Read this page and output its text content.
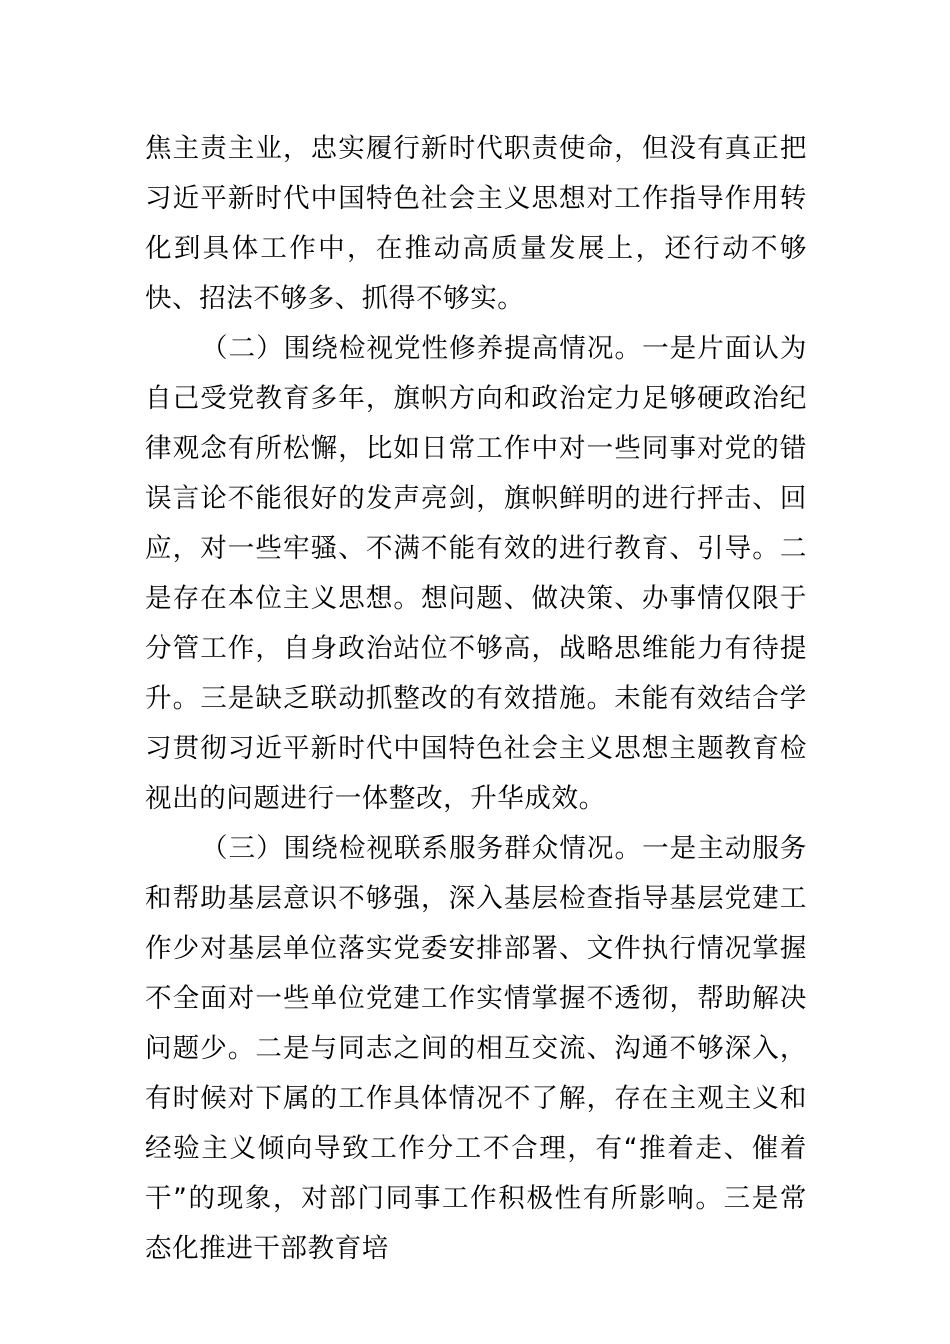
焦主责主业，忠实履行新时代职责使命，但没有真正把习近平新时代中国特色社会主义思想对工作指导作用转化到具体工作中，在推动高质量发展上，还行动不够快、招法不够多、抓得不够实。

（二）围绕检视党性修养提高情况。一是片面认为自己受党教育多年，旗帜方向和政治定力足够硬政治纪律观念有所松懈，比如日常工作中对一些同事对党的错误言论不能很好的发声亮剑，旗帜鲜明的进行抨击、回应，对一些牢骚、不满不能有效的进行教育、引导。二是存在本位主义思想。想问题、做决策、办事情仅限于分管工作，自身政治站位不够高，战略思维能力有待提升。三是缺乏联动抓整改的有效措施。未能有效结合学习贯彻习近平新时代中国特色社会主义思想主题教育检视出的问题进行一体整改，升华成效。

（三）围绕检视联系服务群众情况。一是主动服务和帮助基层意识不够强，深入基层检查指导基层党建工作少对基层单位落实党委安排部署、文件执行情况掌握不全面对一些单位党建工作实情掌握不透彻，帮助解决问题少。二是与同志之间的相互交流、沟通不够深入，有时候对下属的工作具体情况不了解，存在主观主义和经验主义倾向导致工作分工不合理，有“推着走、催着干”的现象，对部门同事工作积极性有所影响。三是常态化推进干部教育培
